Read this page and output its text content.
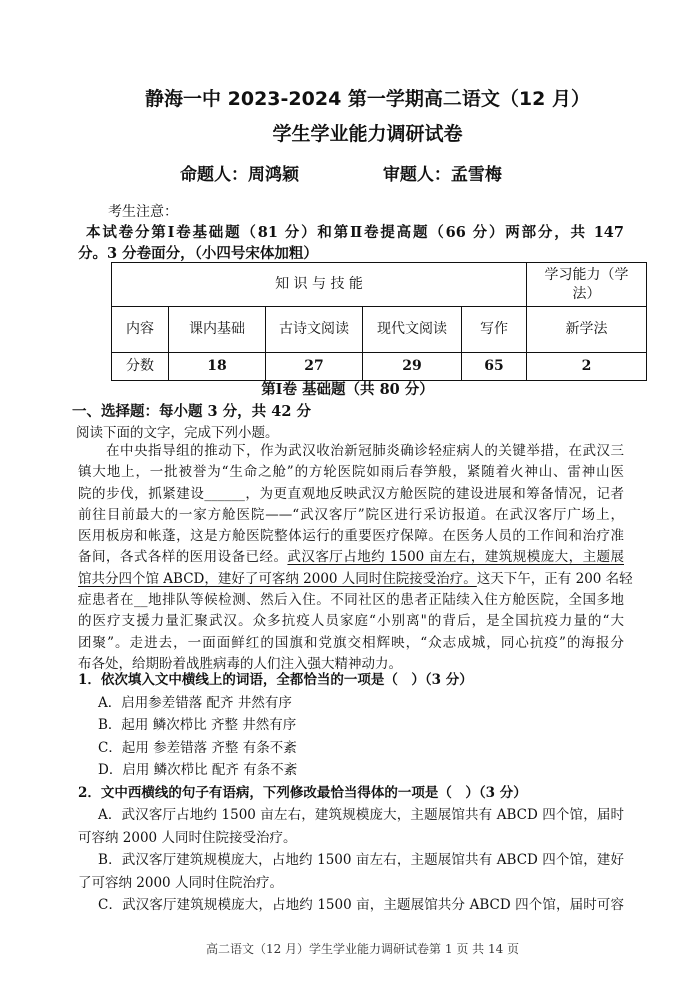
静海一中 2023-2024 第一学期高二语文（12 月）
学生学业能力调研试卷
命题人：周鸿颖	审题人：孟雪梅
考生注意：
本试卷分第Ⅰ卷基础题（81 分）和第Ⅱ卷提高题（66 分）两部分，共 147
分。3 分卷面分，（小四号宋体加粗）
知 识 与 技 能					学习能力（学法）
内容	课内基础	古诗文阅读	现代文阅读	写作	新学法
分数	18	27	29	65	2
第Ⅰ卷 基础题（共 80 分）
一、选择题：每小题 3 分，共 42 分
阅读下面的文字，完成下列小题。
在中央指导组的推动下，作为武汉收治新冠肺炎确诊轻症病人的关键举措，在武汉三
镇大地上，一批被誉为“生命之舱”的方轮医院如雨后春笋般，紧随着火神山、雷神山医
院的步伐，抓紧建设______，为更直观地反映武汉方舱医院的建设进展和筹备情况，记者
前往目前最大的一家方舱医院——“武汉客厅”院区进行采访报道。在武汉客厅广场上，
医用板房和帐蓬，这是方舱医院整体运行的重要医疗保障。在医务人员的工作间和治疗准
备间，各式各样的医用设备已经。武汉客厅占地约 1500 亩左右，建筑规模庞大，主题展
馆共分四个馆 ABCD，建好了可客纳 2000 人同时住院接受治疗。这天下午，正有 200 名轻
症患者在__地排队等候检测、然后入住。不同社区的患者正陆续入住方舱医院，全国多地
的医疗支援力量汇聚武汉。众多抗疫人员家庭“小别离"的背后，是全国抗疫力量的“大
团聚”。走进去，一面面鲜红的国旗和党旗交相辉映，“众志成城，同心抗疫”的海报分
布各处，给期盼着战胜病毒的人们注入强大精神动力。
1．依次填入文中横线上的词语，全都恰当的一项是（　）（3 分）
A．启用参差错落 配齐 井然有序
B．起用 鳞次栉比 齐整 井然有序
C．起用 参差错落 齐整 有条不紊
D．启用 鳞次栉比 配齐 有条不紊
2．文中西横线的句子有语病，下列修改最恰当得体的一项是（　）（3 分）
A．武汉客厅占地约 1500 亩左右，建筑规模庞大，主题展馆共有 ABCD 四个馆，届时
可容纳 2000 人同时住院接受治疗。
B．武汉客厅建筑规模庞大，占地约 1500 亩左右，主题展馆共有 ABCD 四个馆，建好
了可容纳 2000 人同时住院治疗。
C．武汉客厅建筑规模庞大，占地约 1500 亩，主题展馆共分 ABCD 四个馆，届时可容
高二语文（12 月）学生学业能力调研试卷第 1 页 共 14 页
